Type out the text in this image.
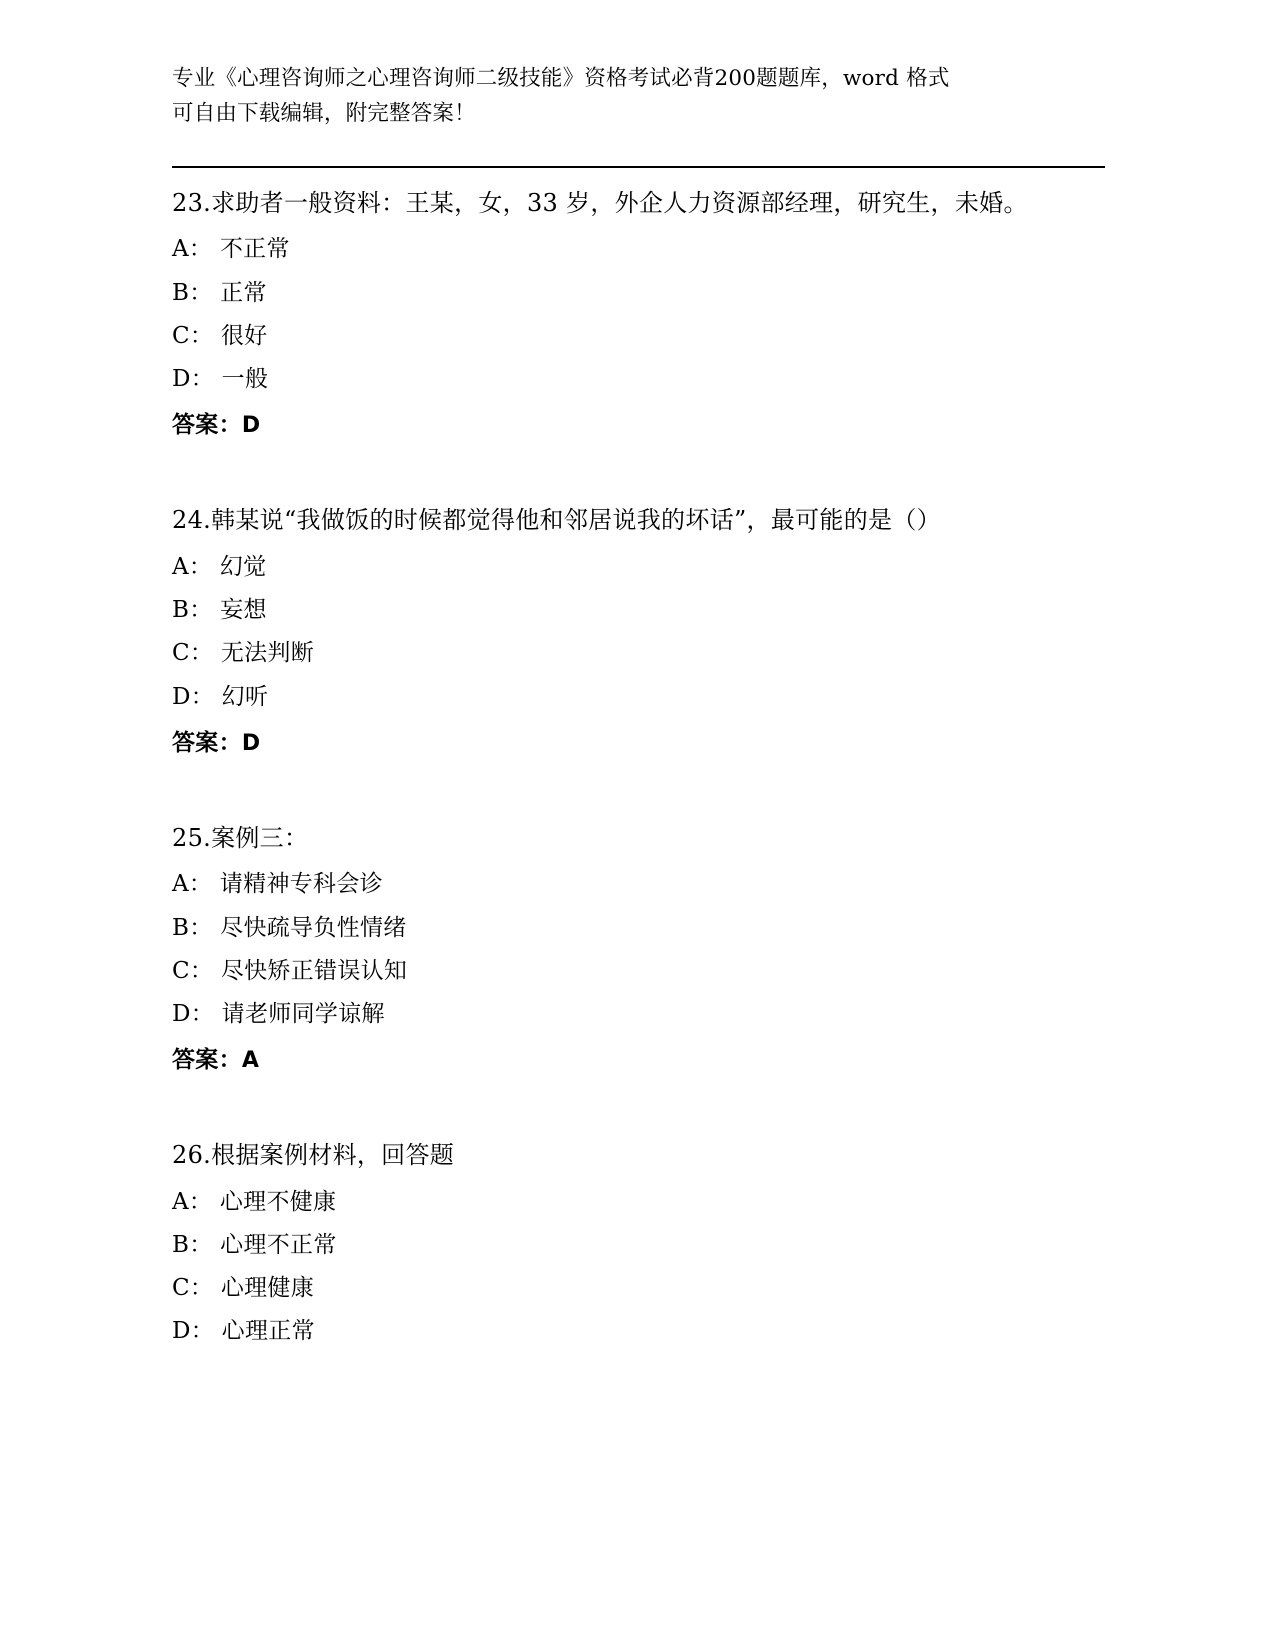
专业《心理咨询师之心理咨询师二级技能》资格考试必背200题题库，word 格式
可自由下载编辑，附完整答案！

23.求助者一般资料：王某，女，33 岁，外企人力资源部经理，研究生，未婚。

A： 不正常

B： 正常

C： 很好

D： 一般

答案：D

24.韩某说“我做饭的时候都觉得他和邻居说我的坏话”，最可能的是（）

A： 幻觉

B： 妄想

C： 无法判断

D： 幻听

答案：D

25.案例三：

A： 请精神专科会诊

B： 尽快疏导负性情绪

C： 尽快矫正错误认知

D： 请老师同学谅解

答案：A

26.根据案例材料，回答题

A： 心理不健康

B： 心理不正常

C： 心理健康

D： 心理正常
